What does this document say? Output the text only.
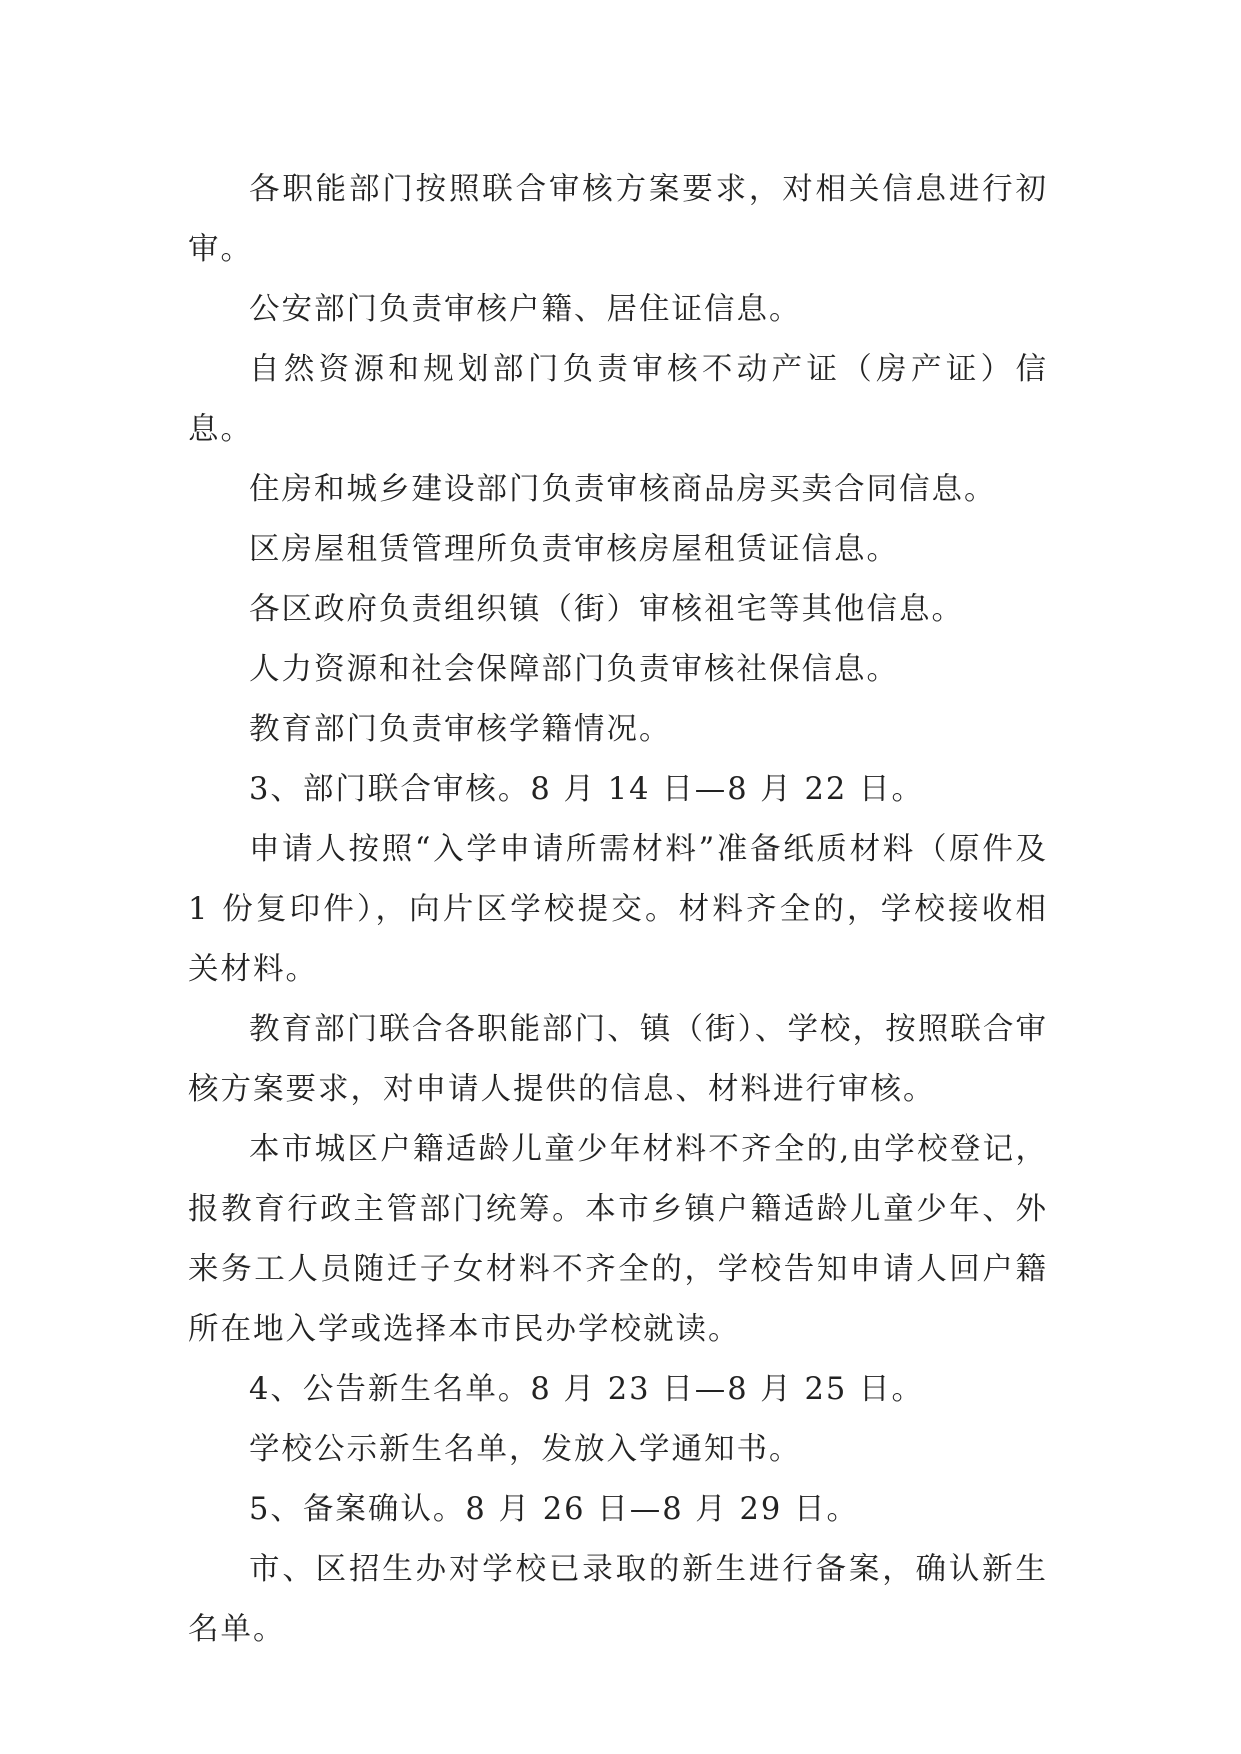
各职能部门按照联合审核方案要求，对相关信息进行初审。

公安部门负责审核户籍、居住证信息。

自然资源和规划部门负责审核不动产证（房产证）信息。

住房和城乡建设部门负责审核商品房买卖合同信息。

区房屋租赁管理所负责审核房屋租赁证信息。

各区政府负责组织镇（街）审核祖宅等其他信息。

人力资源和社会保障部门负责审核社保信息。

教育部门负责审核学籍情况。

3、部门联合审核。8 月 14 日—8 月 22 日。

申请人按照“入学申请所需材料”准备纸质材料（原件及 1 份复印件），向片区学校提交。材料齐全的，学校接收相关材料。

教育部门联合各职能部门、镇（街）、学校，按照联合审核方案要求，对申请人提供的信息、材料进行审核。

本市城区户籍适龄儿童少年材料不齐全的,由学校登记，报教育行政主管部门统筹。本市乡镇户籍适龄儿童少年、外来务工人员随迁子女材料不齐全的，学校告知申请人回户籍所在地入学或选择本市民办学校就读。

4、公告新生名单。8 月 23 日—8 月 25 日。

学校公示新生名单，发放入学通知书。

5、备案确认。8 月 26 日—8 月 29 日。

市、区招生办对学校已录取的新生进行备案，确认新生名单。
